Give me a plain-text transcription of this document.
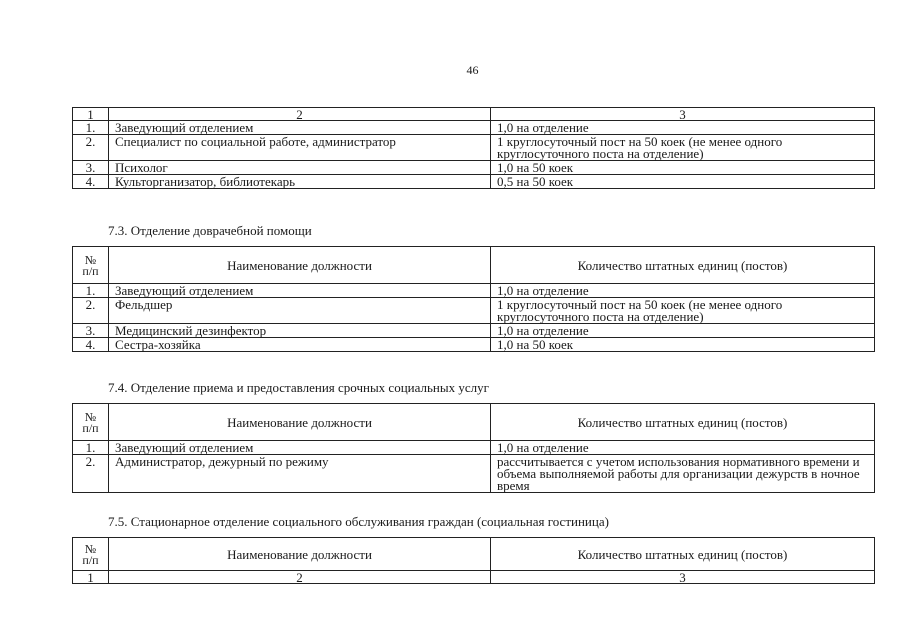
46
1	2	3
1.	Заведующий отделением	1,0 на отделение
2.	Специалист по социальной работе, администратор	1 круглосуточный пост на 50 коек (не менее одного круглосуточного поста на отделение)
3.	Психолог	1,0 на 50 коек
4.	Культорганизатор, библиотекарь	0,5 на 50 коек
7.3. Отделение доврачебной помощи
№ п/п	Наименование должности	Количество штатных единиц (постов)
1.	Заведующий отделением	1,0 на отделение
2.	Фельдшер	1 круглосуточный пост на 50 коек (не менее одного круглосуточного поста на отделение)
3.	Медицинский дезинфектор	1,0 на отделение
4.	Сестра-хозяйка	1,0 на 50 коек
7.4. Отделение приема и предоставления срочных социальных услуг
№ п/п	Наименование должности	Количество штатных единиц (постов)
1.	Заведующий отделением	1,0 на отделение
2.	Администратор, дежурный по режиму	рассчитывается с учетом использования нормативного времени и объема выполняемой работы для организации дежурств в ночное время
7.5. Стационарное отделение социального обслуживания граждан (социальная гостиница)
№ п/п	Наименование должности	Количество штатных единиц (постов)
1	2	3
